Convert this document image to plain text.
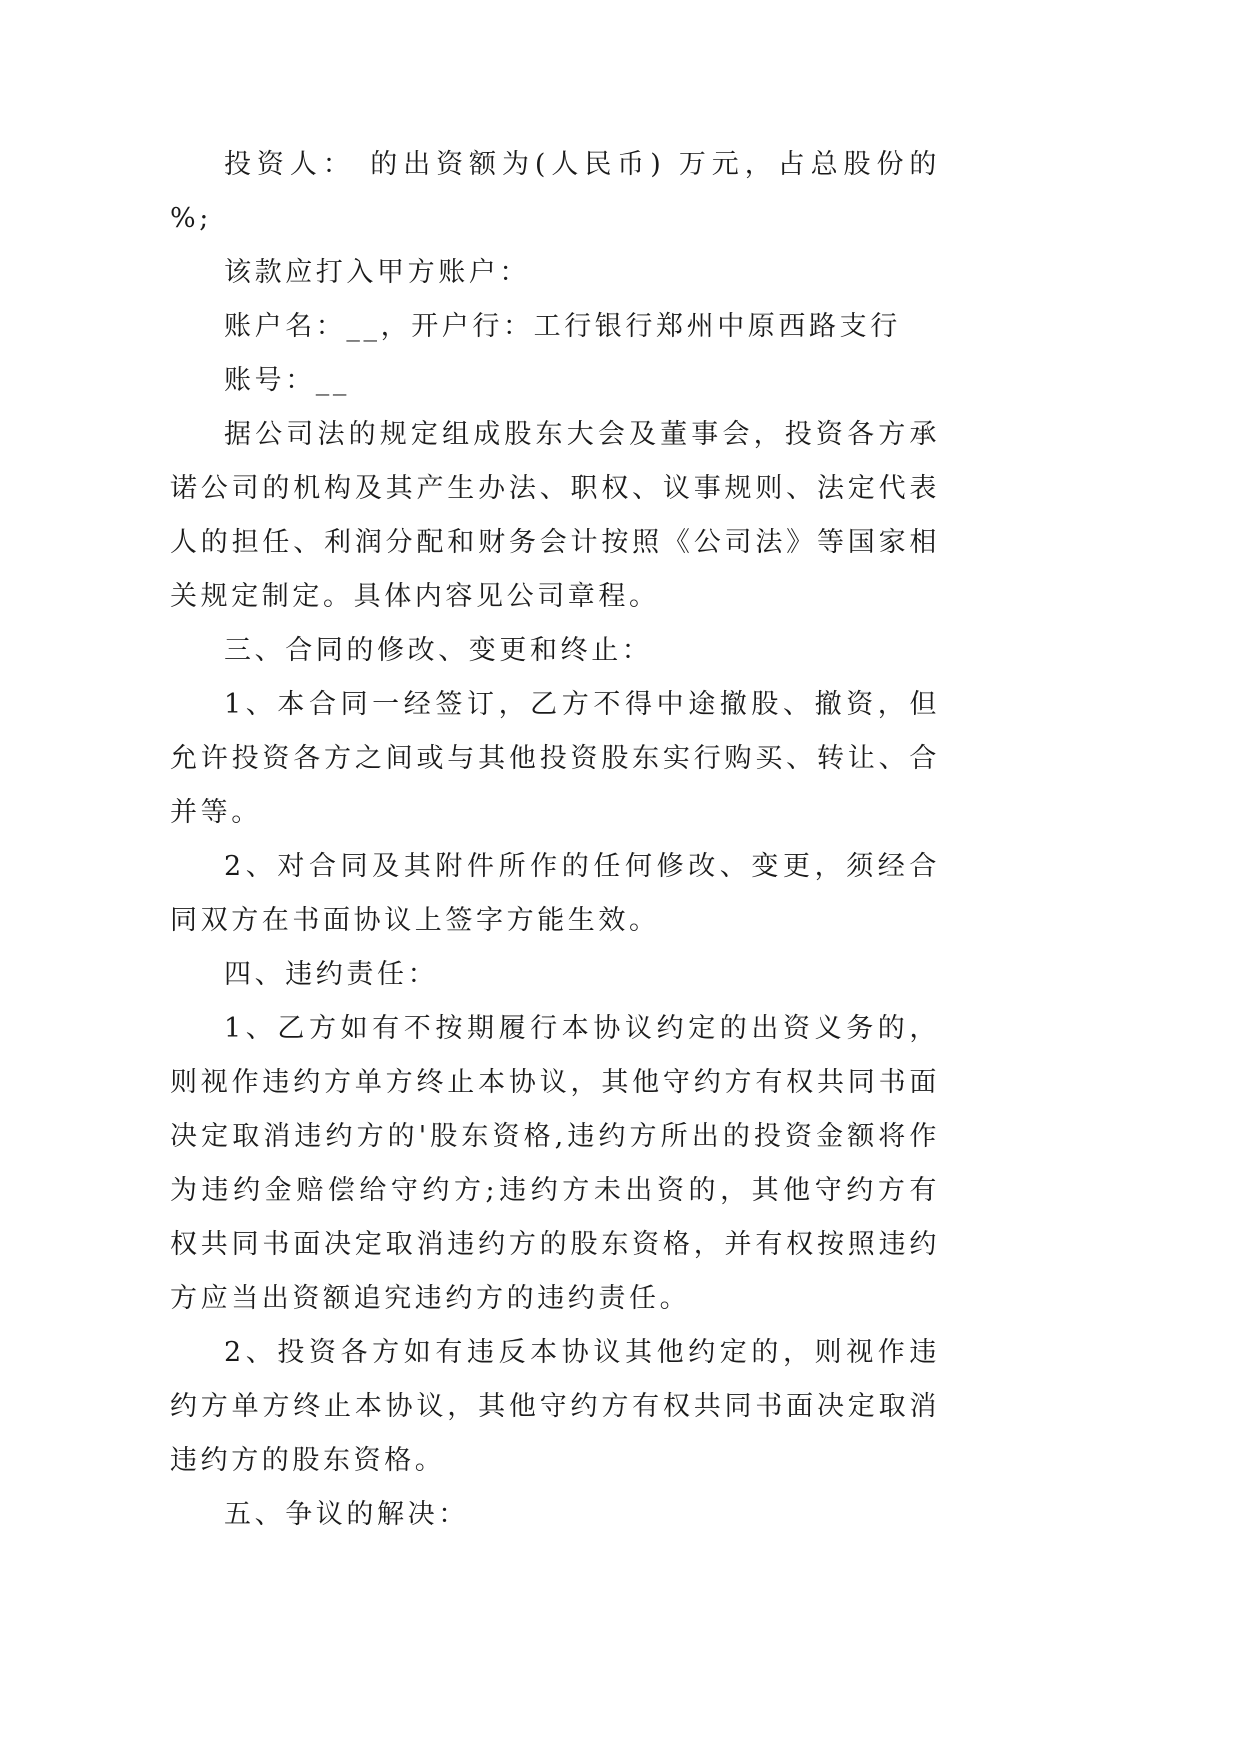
投资人： 的出资额为(人民币) 万元，占总股份的 %;

该款应打入甲方账户：

账户名：__，开户行：工行银行郑州中原西路支行

账号：__

据公司法的规定组成股东大会及董事会，投资各方承诺公司的机构及其产生办法、职权、议事规则、法定代表人的担任、利润分配和财务会计按照《公司法》等国家相关规定制定。具体内容见公司章程。

三、合同的修改、变更和终止：

1、本合同一经签订，乙方不得中途撤股、撤资，但允许投资各方之间或与其他投资股东实行购买、转让、合并等。

2、对合同及其附件所作的任何修改、变更，须经合同双方在书面协议上签字方能生效。

四、违约责任：

1、乙方如有不按期履行本协议约定的出资义务的，则视作违约方单方终止本协议，其他守约方有权共同书面决定取消违约方的'股东资格,违约方所出的投资金额将作为违约金赔偿给守约方;违约方未出资的，其他守约方有权共同书面决定取消违约方的股东资格，并有权按照违约方应当出资额追究违约方的违约责任。

2、投资各方如有违反本协议其他约定的，则视作违约方单方终止本协议，其他守约方有权共同书面决定取消违约方的股东资格。

五、争议的解决：
